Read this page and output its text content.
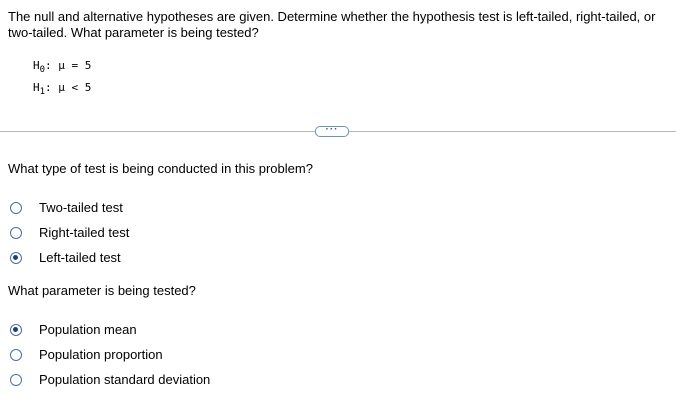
The null and alternative hypotheses are given. Determine whether the hypothesis test is left-tailed, right-tailed, or two-tailed. What parameter is being tested?
$H_0$: μ = 5
$H_1$: μ < 5
···
What type of test is being conducted in this problem?
Two-tailed test
Right-tailed test
Left-tailed test
What parameter is being tested?
Population mean
Population proportion
Population standard deviation
